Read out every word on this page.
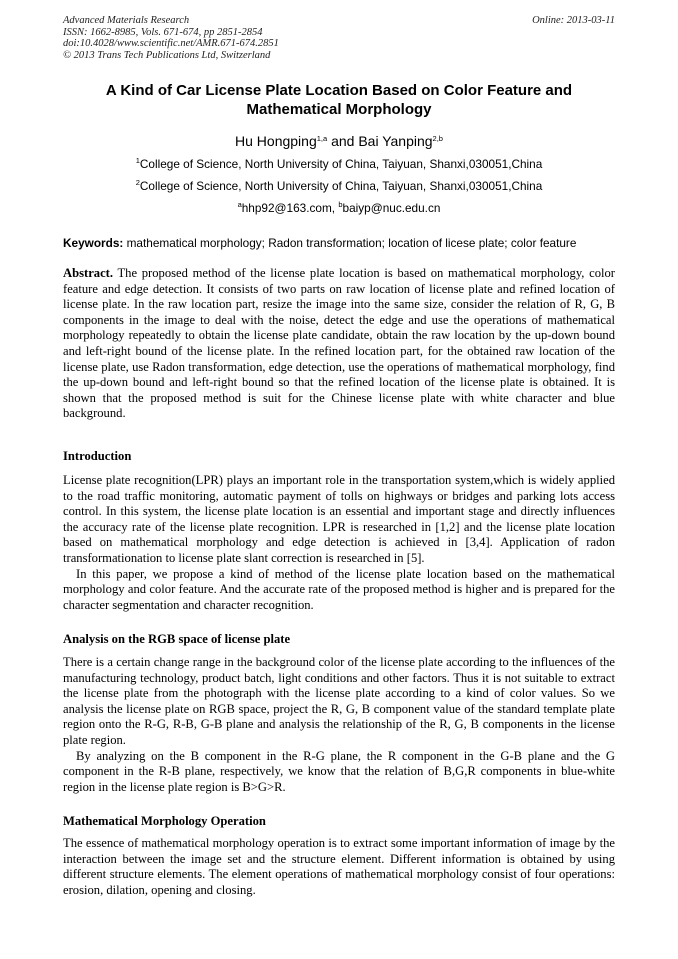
Advanced Materials Research
ISSN: 1662-8985, Vols. 671-674, pp 2851-2854
doi:10.4028/www.scientific.net/AMR.671-674.2851
© 2013 Trans Tech Publications Ltd, Switzerland
Online: 2013-03-11
A Kind of Car License Plate Location Based on Color Feature and
Mathematical Morphology
Hu Hongping$^{1,a}$ and Bai Yanping$^{2,b}$
$^1$College of Science, North University of China, Taiyuan, Shanxi,030051,China
$^2$College of Science, North University of China, Taiyuan, Shanxi,030051,China
$^a$hhp92@163.com, $^b$baiyp@nuc.edu.cn
Keywords: mathematical morphology; Radon transformation; location of licese plate; color feature

Abstract. The proposed method of the license plate location is based on mathematical morphology, color feature and edge detection. It consists of two parts on raw location of license plate and refined location of license plate. In the raw location part, resize the image into the same size, consider the relation of R, G, B components in the image to deal with the noise, detect the edge and use the operations of mathematical morphology repeatedly to obtain the license plate candidate, obtain the raw location by the up-down bound and left-right bound of the license plate. In the refined location part, for the obtained raw location of the license plate, use Radon transformation, edge detection, use the operations of mathematical morphology, find the up-down bound and left-right bound so that the refined location of the license plate is obtained. It is shown that the proposed method is suit for the Chinese license plate with white character and blue background.

Introduction

License plate recognition(LPR) plays an important role in the transportation system,which is widely applied to the road traffic monitoring, automatic payment of tolls on highways or bridges and parking lots access control. In this system, the license plate location is an essential and important stage and directly influences the accuracy rate of the license plate recognition. LPR is researched in [1,2] and the license plate location based on mathematical morphology and edge detection is achieved in [3,4]. Application of radon transformationation to license plate slant correction is researched in [5].

In this paper, we propose a kind of method of the license plate location based on the mathematical morphology and color feature. And the accurate rate of the proposed method is higher and is prepared for the character segmentation and character recognition.

Analysis on the RGB space of license plate

There is a certain change range in the background color of the license plate according to the influences of the manufacturing technology, product batch, light conditions and other factors. Thus it is not suitable to extract the license plate from the photograph with the license plate according to a kind of color values. So we analysis the license plate on RGB space, project the R, G, B component value of the standard template plate region onto the R-G, R-B, G-B plane and analysis the relationship of the R, G, B components in the license plate region.

By analyzing on the B component in the R-G plane, the R component in the G-B plane and the G component in the R-B plane, respectively, we know that the relation of B,G,R components in blue-white region in the license plate region is B>G>R.

Mathematical Morphology Operation

The essence of mathematical morphology operation is to extract some important information of image by the interaction between the image set and the structure element. Different information is obtained by using different structure elements. The element operations of mathematical morphology consist of four operations: erosion, dilation, opening and closing.
